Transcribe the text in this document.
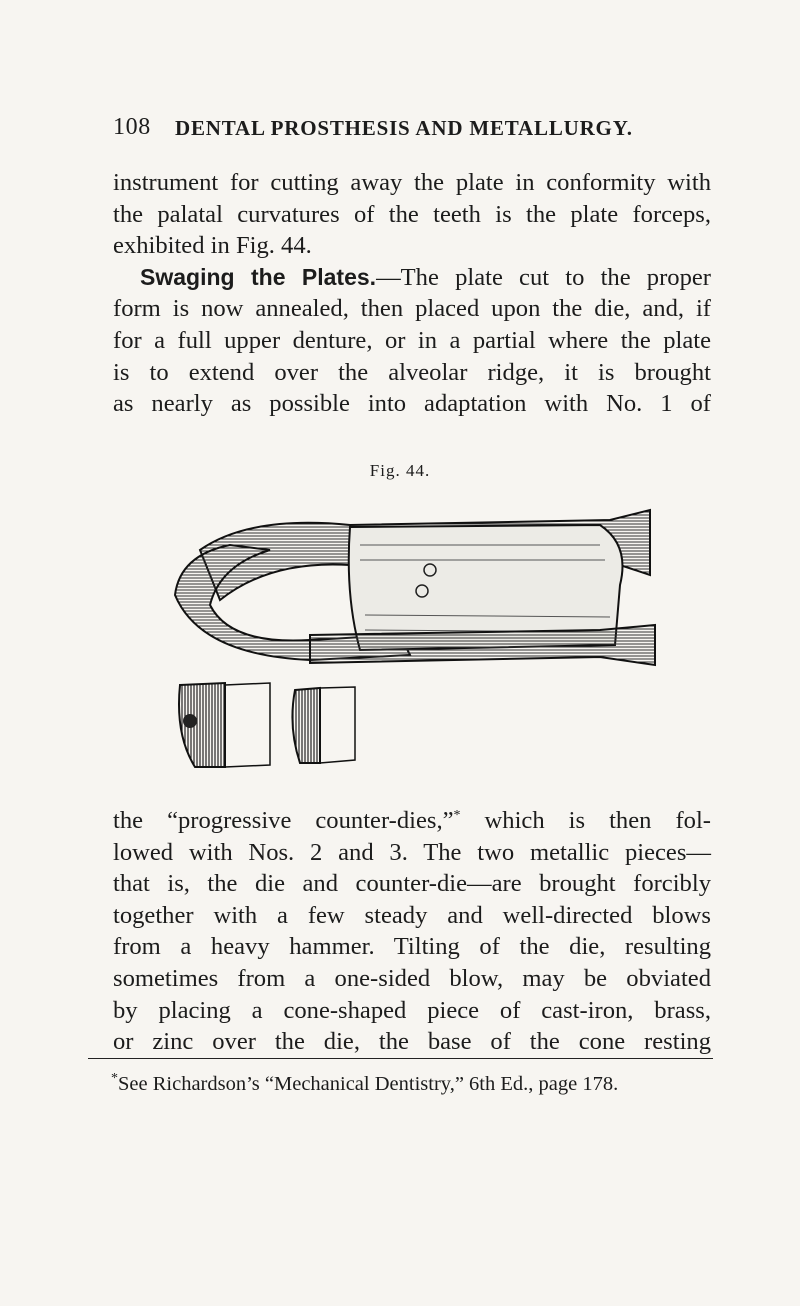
108 DENTAL PROSTHESIS AND METALLURGY.
instrument for cutting away the plate in conformity with
the palatal curvatures of the teeth is the plate forceps,
exhibited in Fig. 44.
Swaging the Plates.—The plate cut to the proper
form is now annealed, then placed upon the die, and, if
for a full upper denture, or in a partial where the plate
is to extend over the alveolar ridge, it is brought
as nearly as possible into adaptation with No. 1 of
Fig. 44.
the “progressive counter-dies,”* which is then fol-
lowed with Nos. 2 and 3. The two metallic pieces—
that is, the die and counter-die—are brought forcibly
together with a few steady and well-directed blows
from a heavy hammer. Tilting of the die, resulting
sometimes from a one-sided blow, may be obviated
by placing a cone-shaped piece of cast-iron, brass,
or zinc over the die, the base of the cone resting
*See Richardson’s “Mechanical Dentistry,” 6th Ed., page 178.
